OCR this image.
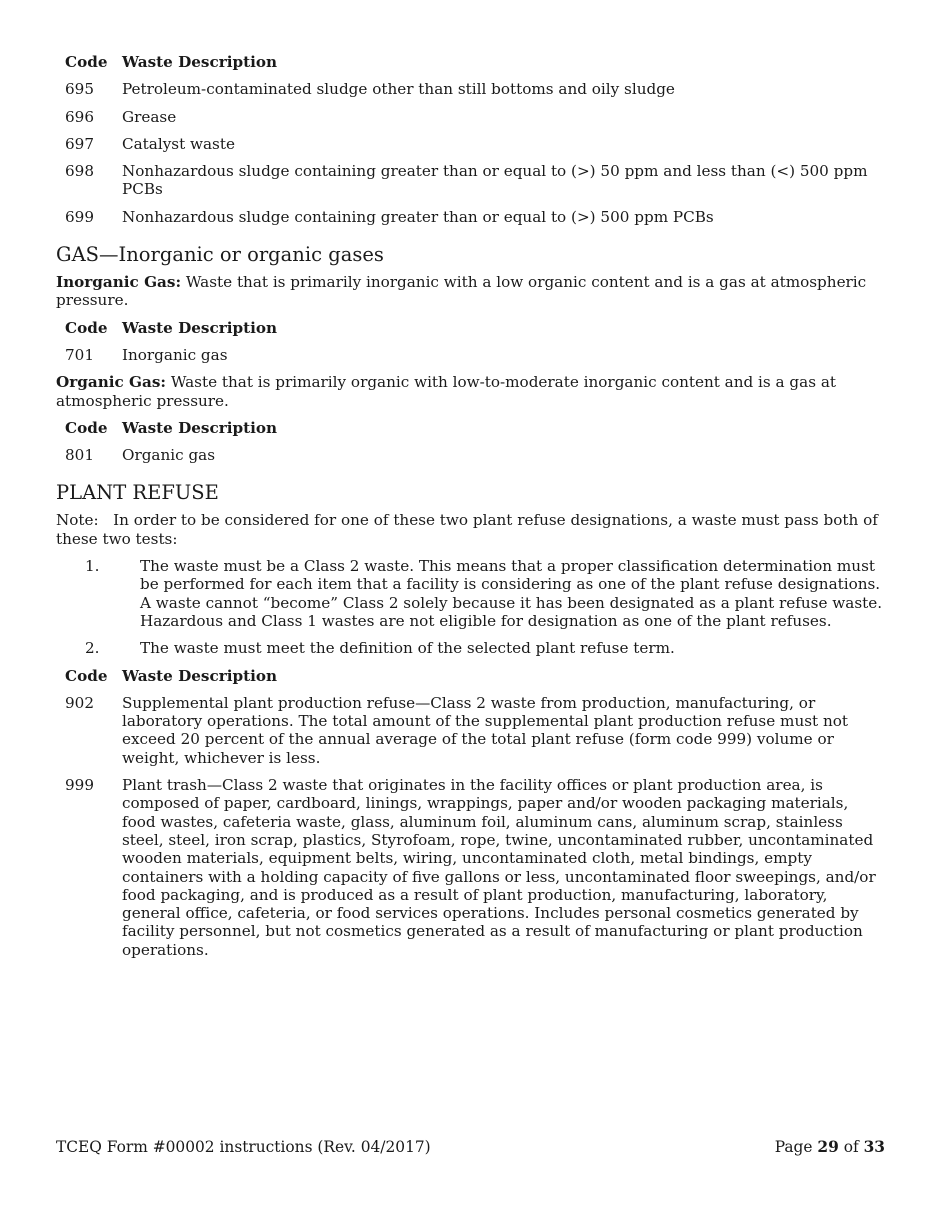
Code Waste Description
695	Petroleum-contaminated sludge other than still bottoms and oily sludge
696	Grease
697	Catalyst waste
698	Nonhazardous sludge containing greater than or equal to (>) 50 ppm and less than (<) 500 ppm PCBs
699	Nonhazardous sludge containing greater than or equal to (>) 500 ppm PCBs
GAS—Inorganic or organic gases

Inorganic Gas: Waste that is primarily inorganic with a low organic content and is a gas at atmospheric pressure.

Code Waste Description
701	Inorganic gas

Organic Gas: Waste that is primarily organic with low-to-moderate inorganic content and is a gas at atmospheric pressure.

Code Waste Description
801	Organic gas
PLANT REFUSE

Note:   In order to be considered for one of these two plant refuse designations, a waste must pass both of these two tests:

1.	The waste must be a Class 2 waste. This means that a proper classification determination must be performed for each item that a facility is considering as one of the plant refuse designations. A waste cannot “become” Class 2 solely because it has been designated as a plant refuse waste. Hazardous and Class 1 wastes are not eligible for designation as one of the plant refuses.
2.	The waste must meet the definition of the selected plant refuse term.
Code Waste Description
902	Supplemental plant production refuse—Class 2 waste from production, manufacturing, or laboratory operations. The total amount of the supplemental plant production refuse must not exceed 20 percent of the annual average of the total plant refuse (form code 999) volume or weight, whichever is less.
999	Plant trash—Class 2 waste that originates in the facility offices or plant production area, is composed of paper, cardboard, linings, wrappings, paper and/or wooden packaging materials, food wastes, cafeteria waste, glass, aluminum foil, aluminum cans, aluminum scrap, stainless steel, steel, iron scrap, plastics, Styrofoam, rope, twine, uncontaminated rubber, uncontaminated wooden materials, equipment belts, wiring, uncontaminated cloth, metal bindings, empty containers with a holding capacity of five gallons or less, uncontaminated floor sweepings, and/or food packaging, and is produced as a result of plant production, manufacturing, laboratory, general office, cafeteria, or food services operations. Includes personal cosmetics generated by facility personnel, but not cosmetics generated as a result of manufacturing or plant production operations.
TCEQ Form #00002 instructions (Rev. 04/2017)	Page 29 of 33
